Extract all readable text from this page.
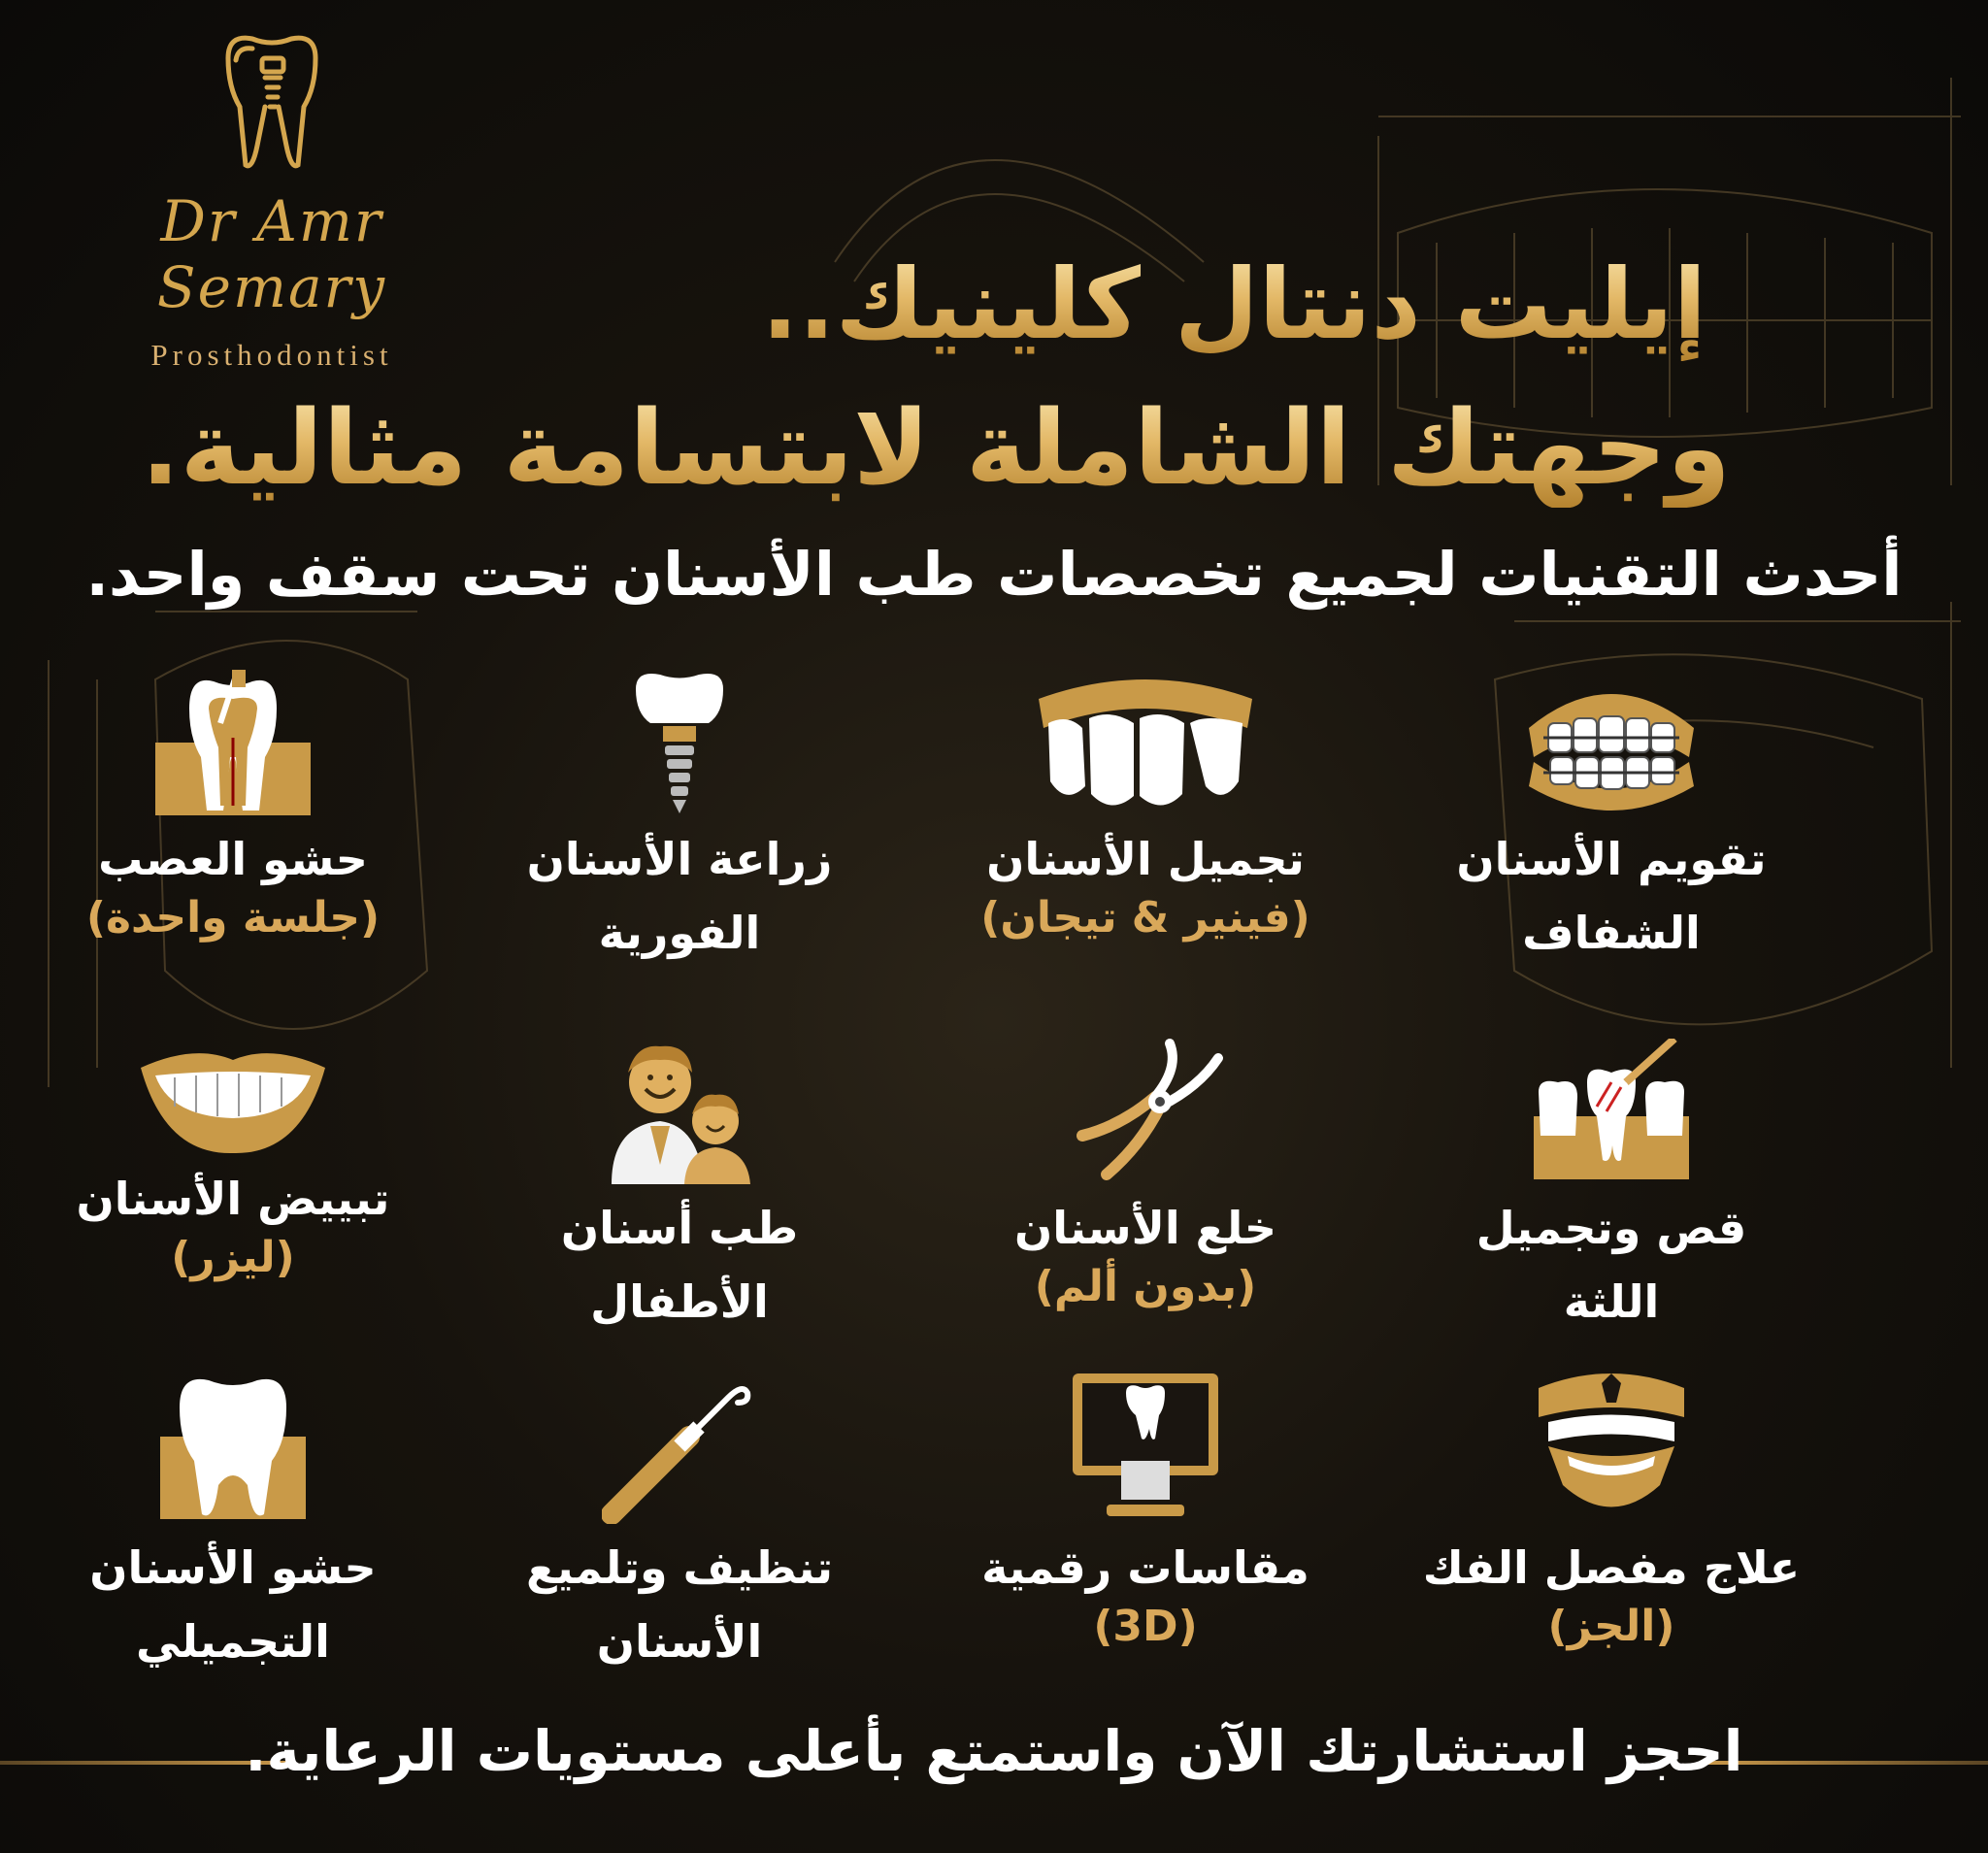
Dr Amr Semary
Prosthodontist	إيليت دنتال كلينيك..
وجهتك الشاملة لابتسامة مثالية.
أحدث التقنيات لجميع تخصصات طب الأسنان تحت سقف واحد.
تقويم الأسنان
الشفاف
تجميل الأسنان
(فينير & تيجان)
زراعة الأسنان
الفورية
حشو العصب
(جلسة واحدة)
قص وتجميل
اللثة
خلع الأسنان
(بدون ألم)
طب أسنان
الأطفال
تبييض الأسنان
(ليزر)
علاج مفصل الفك
(الجز)
مقاسات رقمية
(3D)
تنظيف وتلميع
الأسنان
حشو الأسنان
التجميلي
احجز استشارتك الآن واستمتع بأعلى مستويات الرعاية.
